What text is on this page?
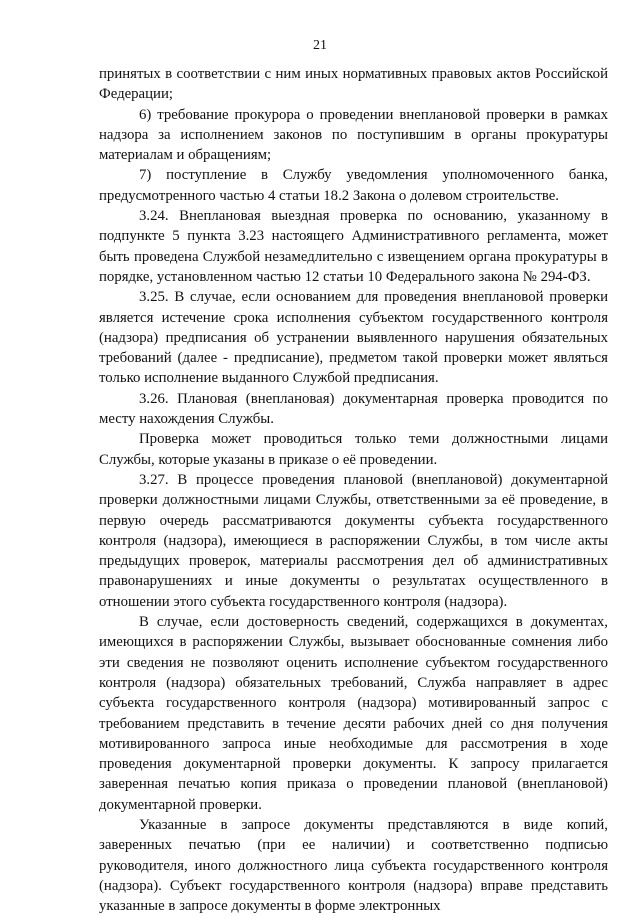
21

принятых в соответствии с ним иных нормативных правовых актов Российской Федерации;

6) требование прокурора о проведении внеплановой проверки в рамках надзора за исполнением законов по поступившим в органы прокуратуры материалам и обращениям;

7) поступление в Службу уведомления уполномоченного банка, предусмотренного частью 4 статьи 18.2 Закона о долевом строительстве.

3.24. Внеплановая выездная проверка по основанию, указанному в подпункте 5 пункта 3.23 настоящего Административного регламента, может быть проведена Службой незамедлительно с извещением органа прокуратуры в порядке, установленном частью 12 статьи 10 Федерального закона № 294-ФЗ.

3.25. В случае, если основанием для проведения внеплановой проверки является истечение срока исполнения субъектом государственного контроля (надзора) предписания об устранении выявленного нарушения обязательных требований (далее - предписание), предметом такой проверки может являться только исполнение выданного Службой предписания.

3.26. Плановая (внеплановая) документарная проверка проводится по месту нахождения Службы.

Проверка может проводиться только теми должностными лицами Службы, которые указаны в приказе о её проведении.

3.27. В процессе проведения плановой (внеплановой) документарной проверки должностными лицами Службы, ответственными за её проведение, в первую очередь рассматриваются документы субъекта государственного контроля (надзора), имеющиеся в распоряжении Службы, в том числе акты предыдущих проверок, материалы рассмотрения дел об административных правонарушениях и иные документы о результатах осуществленного в отношении этого субъекта государственного контроля (надзора).

В случае, если достоверность сведений, содержащихся в документах, имеющихся в распоряжении Службы, вызывает обоснованные сомнения либо эти сведения не позволяют оценить исполнение субъектом государственного контроля (надзора) обязательных требований, Служба направляет в адрес субъекта государственного контроля (надзора) мотивированный запрос с требованием представить в течение десяти рабочих дней со дня получения мотивированного запроса иные необходимые для рассмотрения в ходе проведения документарной проверки документы. К запросу прилагается заверенная печатью копия приказа о проведении плановой (внеплановой) документарной проверки.

Указанные в запросе документы представляются в виде копий, заверенных печатью (при ее наличии) и соответственно подписью руководителя, иного должностного лица субъекта государственного контроля (надзора). Субъект государственного контроля (надзора) вправе представить указанные в запросе документы в форме электронных
